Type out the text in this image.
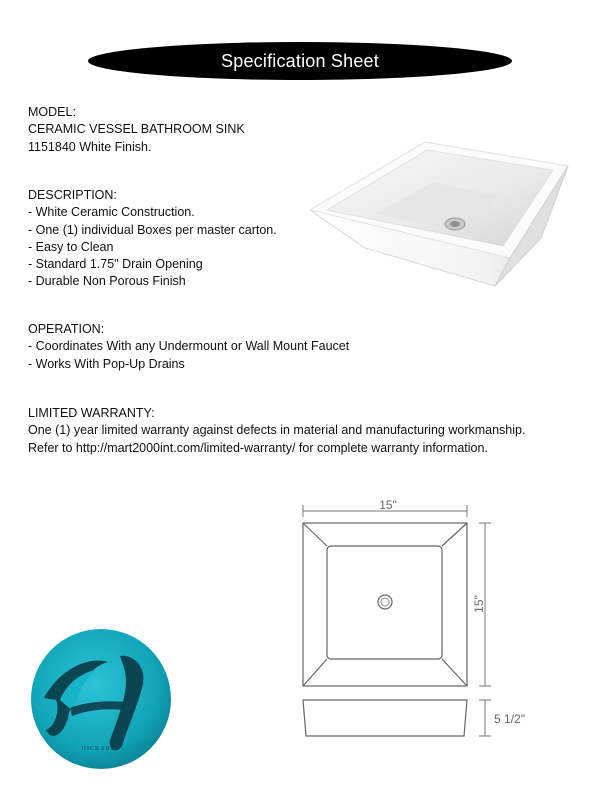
Specification Sheet
MODEL:
CERAMIC VESSEL BATHROOM SINK
1151840 White Finish.
DESCRIPTION:
- White Ceramic Construction.
- One (1) individual Boxes per master carton.
- Easy to Clean
- Standard 1.75" Drain Opening
- Durable Non Porous Finish
OPERATION:
- Coordinates With any Undermount or Wall Mount Faucet
- Works With Pop-Up Drains
LIMITED WARRANTY:
One (1) year limited warranty against defects in material and manufacturing workmanship.
Refer to http://mart2000int.com/limited-warranty/ for complete warranty information.
15"
15"
5 1/2"
HICKARUS
